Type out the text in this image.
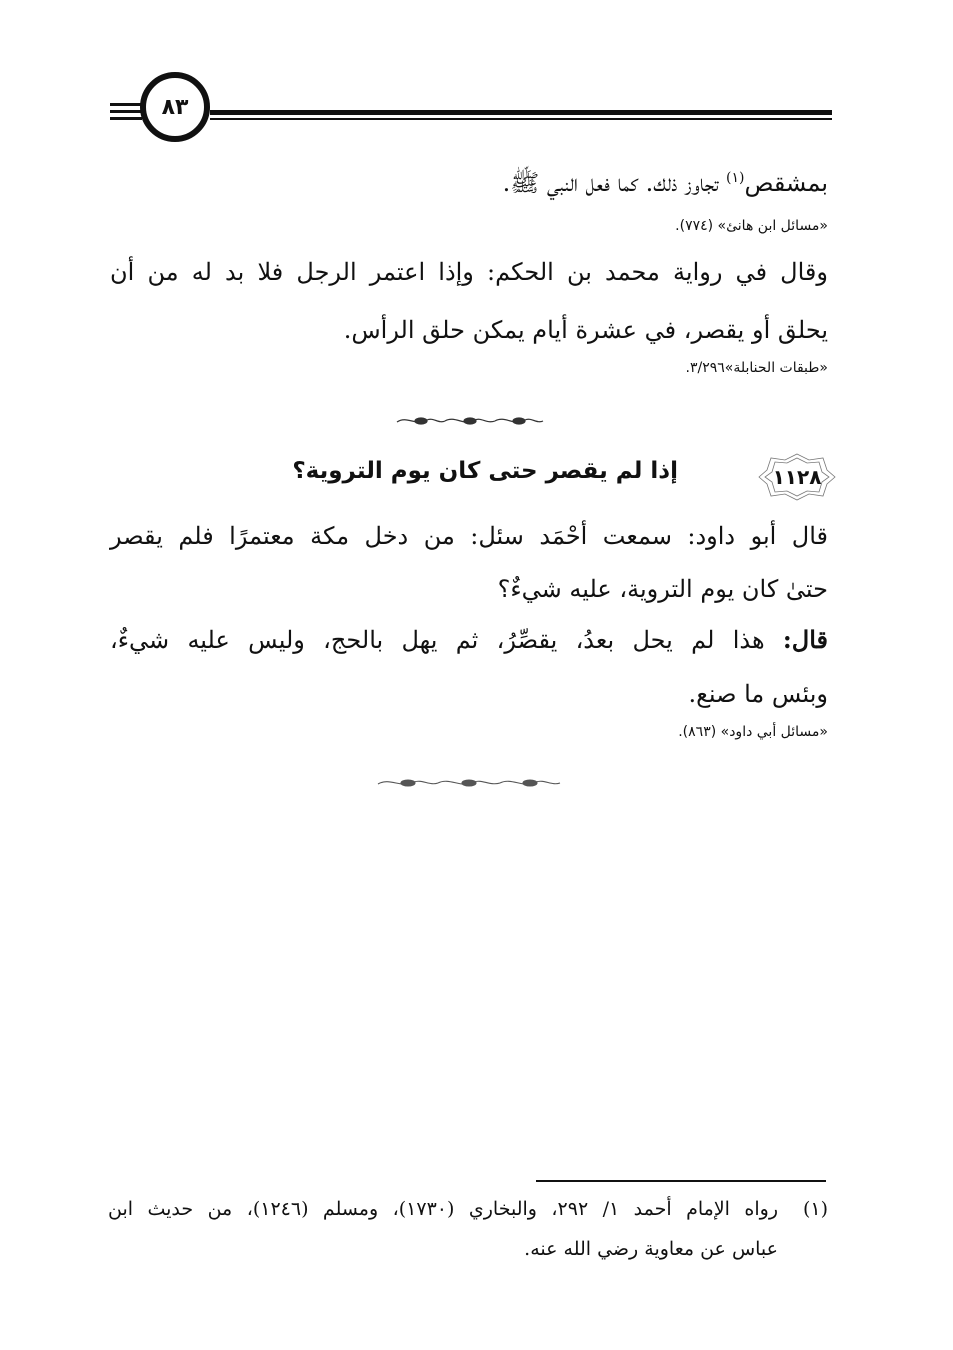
٨٣
بمشقص$^{(١)}$ تجاوز ذلك. كما فعل النبي ﷺ.
«مسائل ابن هانئ» (٧٧٤).
وقال في رواية محمد بن الحكم: وإذا اعتمر الرجل فلا بد له من أن
يحلق أو يقصر، في عشرة أيام يمكن حلق الرأس.
«طبقات الحنابلة»٣/٢٩٦.
١١٢٨
إذا لم يقصر حتى كان يوم التروية؟
قال أبو داود: سمعت أحْمَد سئل: من دخل مكة معتمرًا فلم يقصر
حتىٰ كان يوم التروية، عليه شيءٌ؟
قال: هذا لم يحل بعدُ، يقصِّرُ، ثم يهل بالحج، وليس عليه شيءٌ،
وبئس ما صنع.
«مسائل أبي داود» (٨٦٣).
(١)
رواه الإمام أحمد ١/ ٢٩٢، والبخاري (١٧٣٠)، ومسلم (١٢٤٦)، من حديث ابن
عباس عن معاوية رضي الله عنه.
